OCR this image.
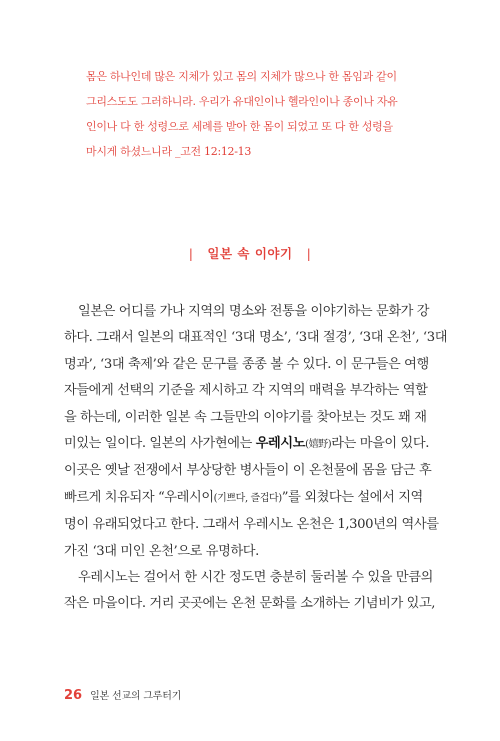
몸은 하나인데 많은 지체가 있고 몸의 지체가 많으나 한 몸임과 같이
그리스도도 그러하니라. 우리가 유대인이나 헬라인이나 종이나 자유
인이나 다 한 성령으로 세례를 받아 한 몸이 되었고 또 다 한 성령을
마시게 하셨느니라 _고전 12:12-13
| 일본 속 이야기 |
일본은 어디를 가나 지역의 명소와 전통을 이야기하는 문화가 강
하다. 그래서 일본의 대표적인 ‘3대 명소’, ‘3대 절경’, ‘3대 온천’, ‘3대
명과’, ‘3대 축제’와 같은 문구를 종종 볼 수 있다. 이 문구들은 여행
자들에게 선택의 기준을 제시하고 각 지역의 매력을 부각하는 역할
을 하는데, 이러한 일본 속 그들만의 이야기를 찾아보는 것도 꽤 재
미있는 일이다. 일본의 사가현에는 우레시노(嬉野)라는 마을이 있다.
이곳은 옛날 전쟁에서 부상당한 병사들이 이 온천물에 몸을 담근 후
빠르게 치유되자 “우레시이(기쁘다, 즐겁다)”를 외쳤다는 설에서 지역
명이 유래되었다고 한다. 그래서 우레시노 온천은 1,300년의 역사를
가진 ‘3대 미인 온천’으로 유명하다.
우레시노는 걸어서 한 시간 정도면 충분히 둘러볼 수 있을 만큼의
작은 마을이다. 거리 곳곳에는 온천 문화를 소개하는 기념비가 있고,
26 일본 선교의 그루터기
